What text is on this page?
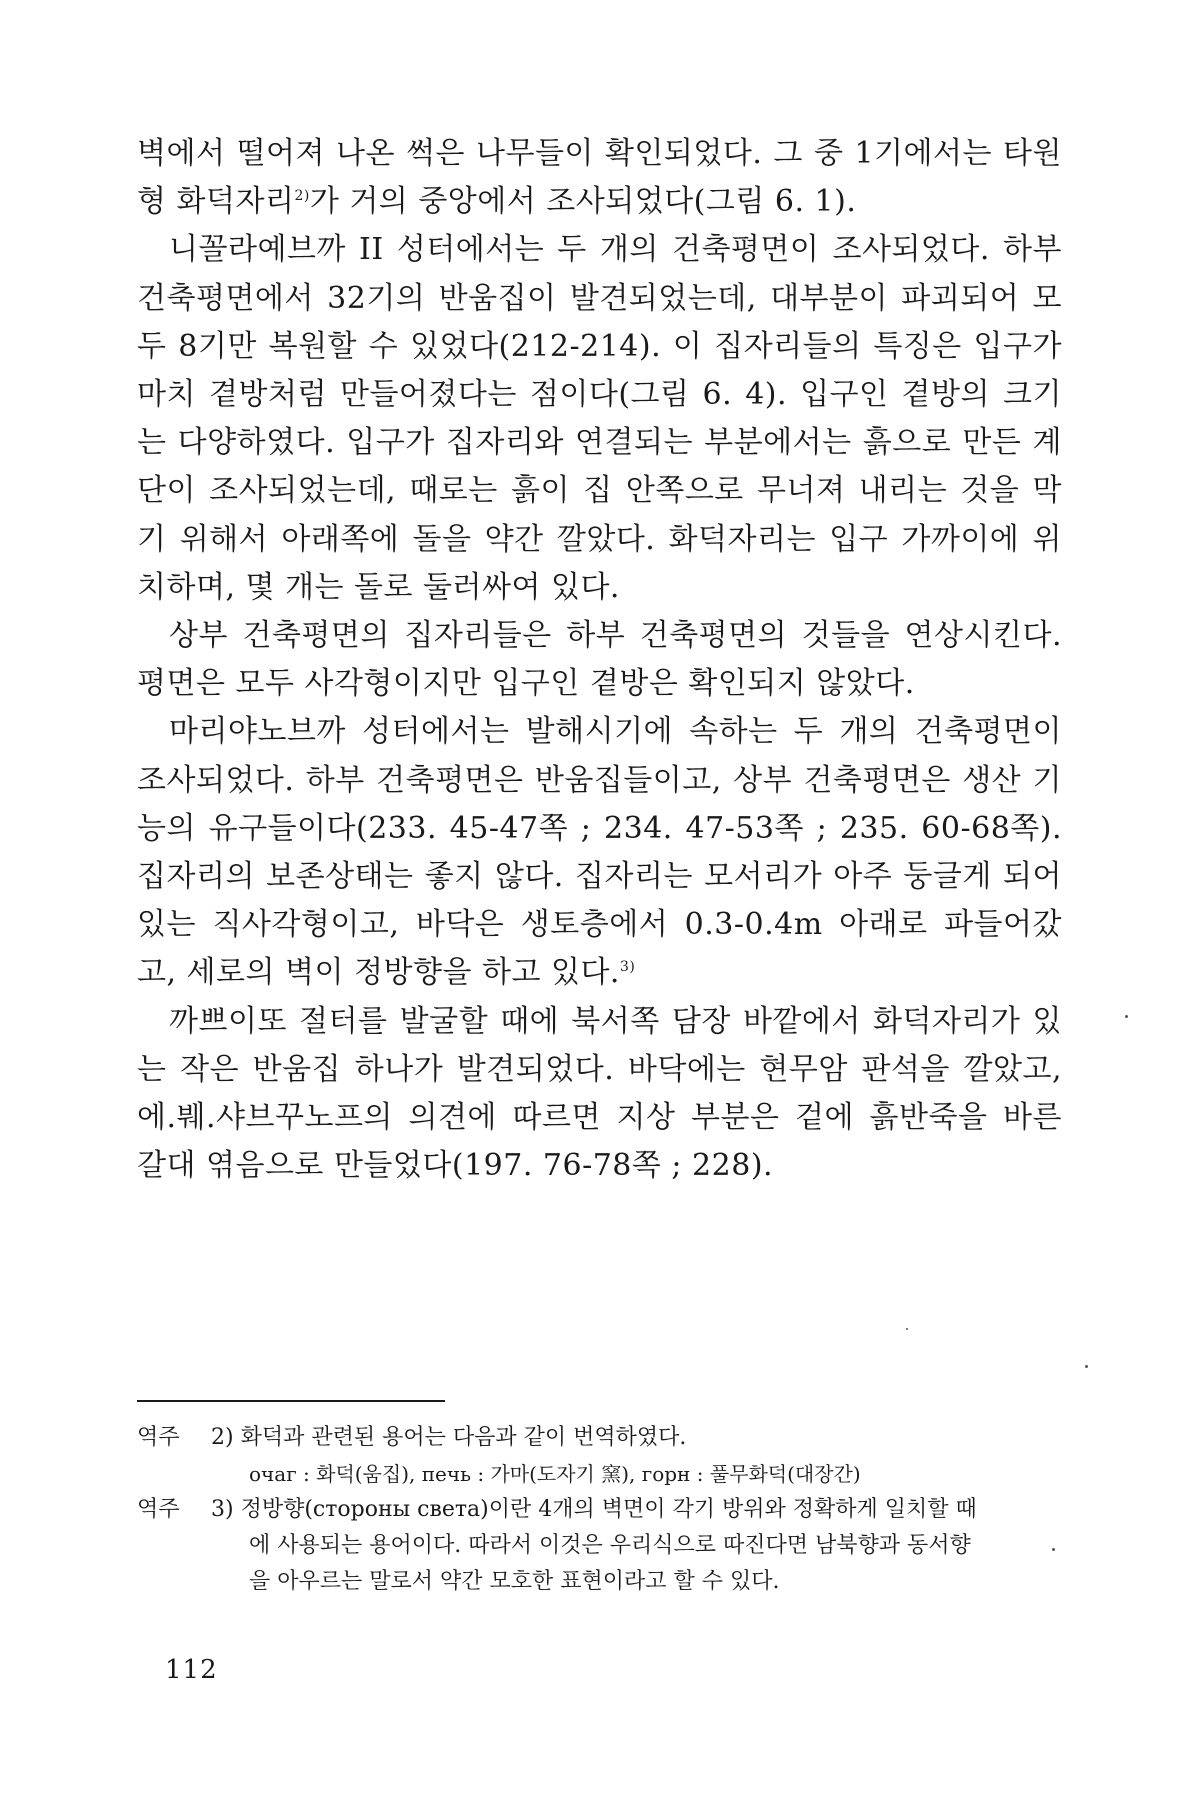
벽에서 떨어져 나온 썩은 나무들이 확인되었다. 그 중 1기에서는 타원형 화덕자리$^{2)}$가 거의 중앙에서 조사되었다(그림 6. 1).

니꼴라예브까 II 성터에서는 두 개의 건축평면이 조사되었다. 하부 건축평면에서 32기의 반움집이 발견되었는데, 대부분이 파괴되어 모두 8기만 복원할 수 있었다(212-214). 이 집자리들의 특징은 입구가 마치 곁방처럼 만들어졌다는 점이다(그림 6. 4). 입구인 곁방의 크기는 다양하였다. 입구가 집자리와 연결되는 부분에서는 흙으로 만든 계단이 조사되었는데, 때로는 흙이 집 안쪽으로 무너져 내리는 것을 막기 위해서 아래쪽에 돌을 약간 깔았다. 화덕자리는 입구 가까이에 위치하며, 몇 개는 돌로 둘러싸여 있다.

상부 건축평면의 집자리들은 하부 건축평면의 것들을 연상시킨다. 평면은 모두 사각형이지만 입구인 곁방은 확인되지 않았다.

마리야노브까 성터에서는 발해시기에 속하는 두 개의 건축평면이 조사되었다. 하부 건축평면은 반움집들이고, 상부 건축평면은 생산 기능의 유구들이다(233. 45-47쪽 ; 234. 47-53쪽 ; 235. 60-68쪽). 집자리의 보존상태는 좋지 않다. 집자리는 모서리가 아주 둥글게 되어 있는 직사각형이고, 바닥은 생토층에서 0.3-0.4m 아래로 파들어갔고, 세로의 벽이 정방향을 하고 있다.$^{3)}$

까쁘이또 절터를 발굴할 때에 북서쪽 담장 바깥에서 화덕자리가 있는 작은 반움집 하나가 발견되었다. 바닥에는 현무암 판석을 깔았고, 에.붸.샤브꾸노프의 의견에 따르면 지상 부분은 겉에 흙반죽을 바른 갈대 엮음으로 만들었다(197. 76-78쪽 ; 228).

역주	2) 화덕과 관련된 용어는 다음과 같이 번역하였다.
очаг : 화덕(움집), печь : 가마(도자기 窯), горн : 풀무화덕(대장간)
역주	3) 정방향(стороны света)이란 4개의 벽면이 각기 방위와 정확하게 일치할 때
에 사용되는 용어이다. 따라서 이것은 우리식으로 따진다면 남북향과 동서향
을 아우르는 말로서 약간 모호한 표현이라고 할 수 있다.
112
